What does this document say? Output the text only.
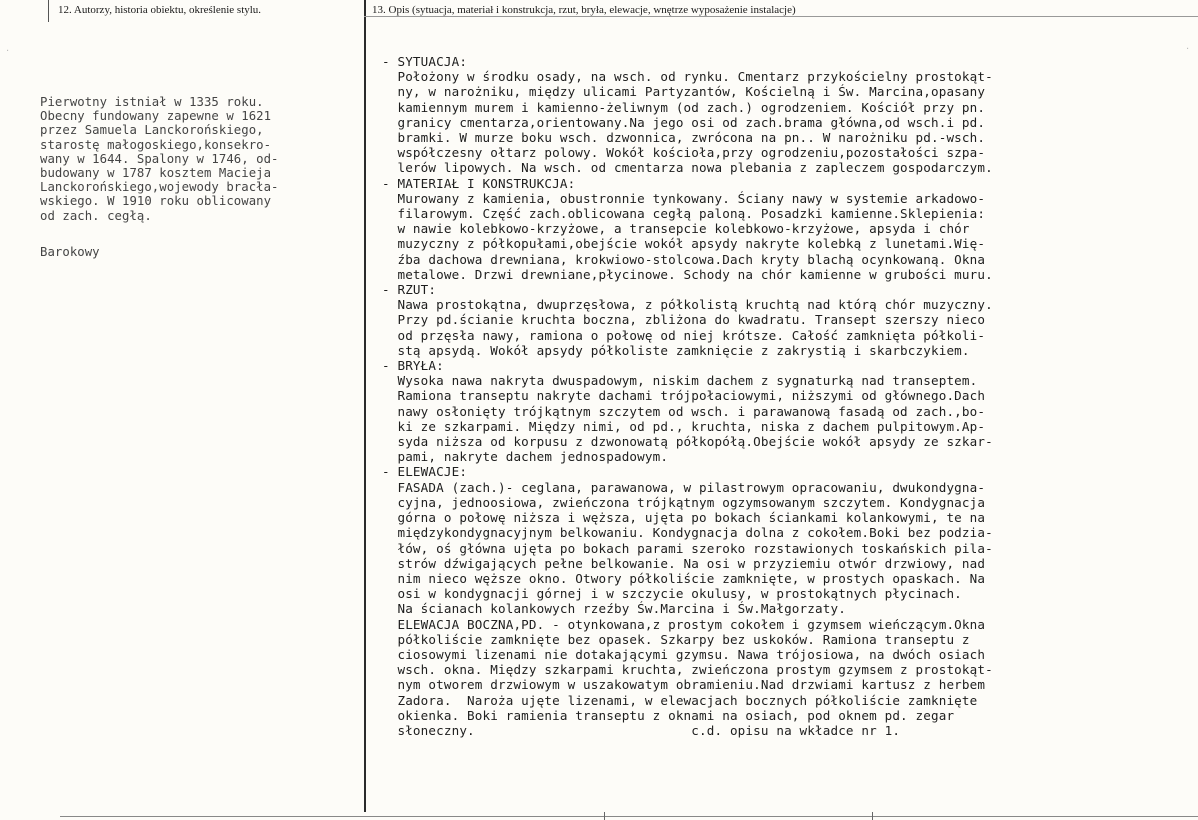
12. Autorzy, historia obiektu, określenie stylu.	13. Opis (sytuacja, materiał i konstrukcja, rzut, bryła, elewacje, wnętrze wyposażenie instalacje)
Pierwotny istniał w 1335 roku.
Obecny fundowany zapewne w 1621
przez Samuela Lanckorońskiego,
starostę małogoskiego,konsekro-
wany w 1644. Spalony w 1746, od-
budowany w 1787 kosztem Macieja
Lanckorońskiego,wojewody bracła-
wskiego. W 1910 roku oblicowany
od zach. cegłą.
Barokowy
- SYTUACJA:
Położony w środku osady, na wsch. od rynku. Cmentarz przykościelny prostokąt-
ny, w narożniku, między ulicami Partyzantów, Kościelną i Św. Marcina,opasany
kamiennym murem i kamienno-żeliwnym (od zach.) ogrodzeniem. Kościół przy pn.
granicy cmentarza,orientowany.Na jego osi od zach.brama główna,od wsch.i pd.
bramki. W murze boku wsch. dzwonnica, zwrócona na pn.. W narożniku pd.-wsch.
współczesny ołtarz polowy. Wokół kościoła,przy ogrodzeniu,pozostałości szpa-
lerów lipowych. Na wsch. od cmentarza nowa plebania z zapleczem gospodarczym.
- MATERIAŁ I KONSTRUKCJA:
Murowany z kamienia, obustronnie tynkowany. Ściany nawy w systemie arkadowo-
filarowym. Część zach.oblicowana cegłą paloną. Posadzki kamienne.Sklepienia:
w nawie kolebkowo-krzyżowe, a transepcie kolebkowo-krzyżowe, apsyda i chór
muzyczny z półkopułami,obejście wokół apsydy nakryte kolebką z lunetami.Wię-
źba dachowa drewniana, krokwiowo-stolcowa.Dach kryty blachą ocynkowaną. Okna
metalowe. Drzwi drewniane,płycinowe. Schody na chór kamienne w grubości muru.
- RZUT:
Nawa prostokątna, dwuprzęsłowa, z półkolistą kruchtą nad którą chór muzyczny.
Przy pd.ścianie kruchta boczna, zbliżona do kwadratu. Transept szerszy nieco
od przęsła nawy, ramiona o połowę od niej krótsze. Całość zamknięta półkoli-
stą apsydą. Wokół apsydy półkoliste zamknięcie z zakrystią i skarbczykiem.
- BRYŁA:
Wysoka nawa nakryta dwuspadowym, niskim dachem z sygnaturką nad transeptem.
Ramiona transeptu nakryte dachami trójpołaciowymi, niższymi od głównego.Dach
nawy osłonięty trójkątnym szczytem od wsch. i parawanową fasadą od zach.,bo-
ki ze szkarpami. Między nimi, od pd., kruchta, niska z dachem pulpitowym.Ap-
syda niższa od korpusu z dzwonowatą półkopółą.Obejście wokół apsydy ze szkar-
pami, nakryte dachem jednospadowym.
- ELEWACJE:
FASADA (zach.)- ceglana, parawanowa, w pilastrowym opracowaniu, dwukondygna-
cyjna, jednoosiowa, zwieńczona trójkątnym ogzymsowanym szczytem. Kondygnacja
górna o połowę niższa i węższa, ujęta po bokach ściankami kolankowymi, te na
międzykondygnacyjnym belkowaniu. Kondygnacja dolna z cokołem.Boki bez podzia-
łów, oś główna ujęta po bokach parami szeroko rozstawionych toskańskich pila-
strów dźwigających pełne belkowanie. Na osi w przyziemiu otwór drzwiowy, nad
nim nieco węższe okno. Otwory półkoliście zamknięte, w prostych opaskach. Na
osi w kondygnacji górnej i w szczycie okulusy, w prostokątnych płycinach.
Na ścianach kolankowych rzeźby Św.Marcina i Św.Małgorzaty.
ELEWACJA BOCZNA,PD. - otynkowana,z prostym cokołem i gzymsem wieńczącym.Okna
półkoliście zamknięte bez opasek. Szkarpy bez uskoków. Ramiona transeptu z
ciosowymi lizenami nie dotakającymi gzymsu. Nawa trójosiowa, na dwóch osiach
wsch. okna. Między szkarpami kruchta, zwieńczona prostym gzymsem z prostokąt-
nym otworem drzwiowym w uszakowatym obramieniu.Nad drzwiami kartusz z herbem
Zadora.  Naroża ujęte lizenami, w elewacjach bocznych półkoliście zamknięte
okienka. Boki ramienia transeptu z oknami na osiach, pod oknem pd. zegar
słoneczny.                            c.d. opisu na wkładce nr 1.
·	·
